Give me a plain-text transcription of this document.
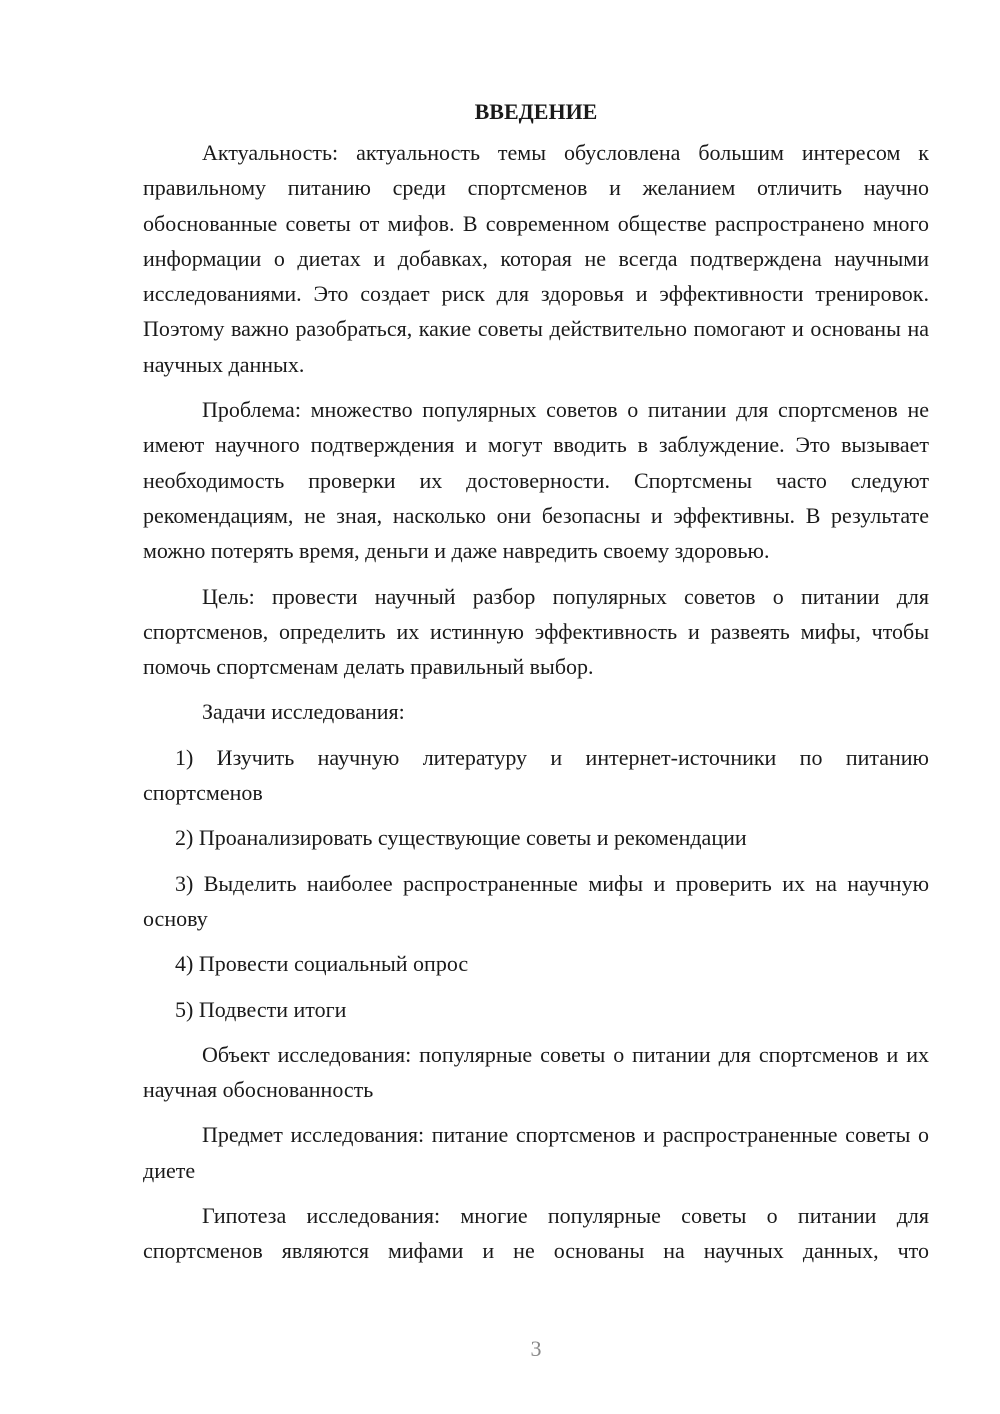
ВВЕДЕНИЕ

Актуальность: актуальность темы обусловлена большим интересом к правильному питанию среди спортсменов и желанием отличить научно обоснованные советы от мифов. В современном обществе распространено много информации о диетах и добавках, которая не всегда подтверждена научными исследованиями. Это создает риск для здоровья и эффективности тренировок. Поэтому важно разобраться, какие советы действительно помогают и основаны на научных данных.

Проблема: множество популярных советов о питании для спортсменов не имеют научного подтверждения и могут вводить в заблуждение. Это вызывает необходимость проверки их достоверности. Спортсмены часто следуют рекомендациям, не зная, насколько они безопасны и эффективны. В результате можно потерять время, деньги и даже навредить своему здоровью.

Цель: провести научный разбор популярных советов о питании для спортсменов, определить их истинную эффективность и развеять мифы, чтобы помочь спортсменам делать правильный выбор.

Задачи исследования:

1) Изучить научную литературу и интернет-источники по питанию спортсменов

2) Проанализировать существующие советы и рекомендации

3) Выделить наиболее распространенные мифы и проверить их на научную основу

4) Провести социальный опрос

5) Подвести итоги

Объект исследования: популярные советы о питании для спортсменов и их научная обоснованность

Предмет исследования: питание спортсменов и распространенные советы о диете

Гипотеза исследования: многие популярные советы о питании для спортсменов являются мифами и не основаны на научных данных, что

3
